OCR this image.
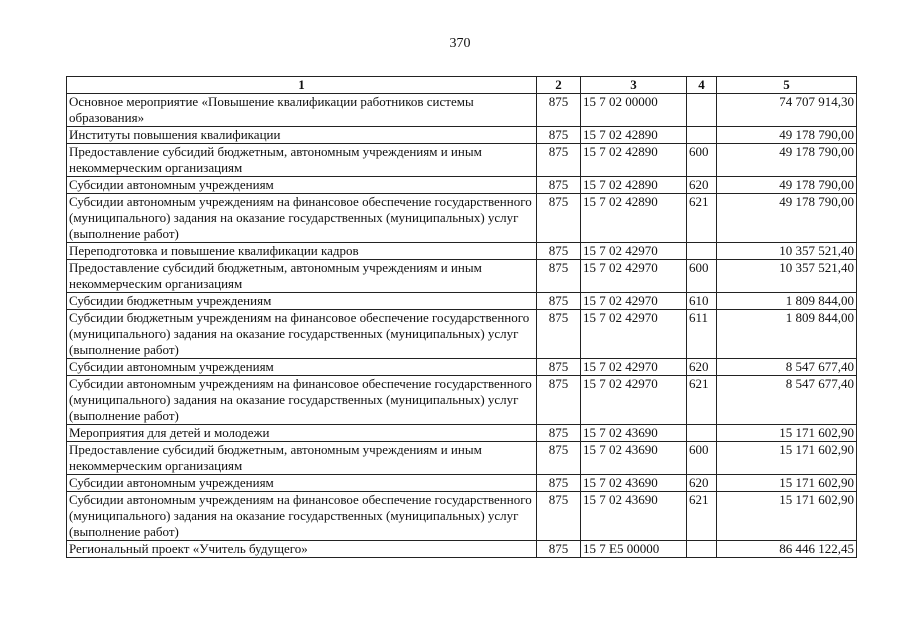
370
1	2	3	4	5
Основное мероприятие «Повышение квалификации работников системы образования»	875	15 7 02 00000		74 707 914,30
Институты повышения квалификации	875	15 7 02 42890		49 178 790,00
Предоставление субсидий бюджетным, автономным учреждениям и иным некоммерческим организациям	875	15 7 02 42890	600	49 178 790,00
Субсидии автономным учреждениям	875	15 7 02 42890	620	49 178 790,00
Субсидии автономным учреждениям на финансовое обеспечение государственного (муниципального) задания на оказание государственных (муниципальных) услуг (выполнение работ)	875	15 7 02 42890	621	49 178 790,00
Переподготовка и повышение квалификации кадров	875	15 7 02 42970		10 357 521,40
Предоставление субсидий бюджетным, автономным учреждениям и иным некоммерческим организациям	875	15 7 02 42970	600	10 357 521,40
Субсидии бюджетным учреждениям	875	15 7 02 42970	610	1 809 844,00
Субсидии бюджетным учреждениям на финансовое обеспечение государственного (муниципального) задания на оказание государственных (муниципальных) услуг (выполнение работ)	875	15 7 02 42970	611	1 809 844,00
Субсидии автономным учреждениям	875	15 7 02 42970	620	8 547 677,40
Субсидии автономным учреждениям на финансовое обеспечение государственного (муниципального) задания на оказание государственных (муниципальных) услуг (выполнение работ)	875	15 7 02 42970	621	8 547 677,40
Мероприятия для детей и молодежи	875	15 7 02 43690		15 171 602,90
Предоставление субсидий бюджетным, автономным учреждениям и иным некоммерческим организациям	875	15 7 02 43690	600	15 171 602,90
Субсидии автономным учреждениям	875	15 7 02 43690	620	15 171 602,90
Субсидии автономным учреждениям на финансовое обеспечение государственного (муниципального) задания на оказание государственных (муниципальных) услуг (выполнение работ)	875	15 7 02 43690	621	15 171 602,90
Региональный проект «Учитель будущего»	875	15 7 E5 00000		86 446 122,45
